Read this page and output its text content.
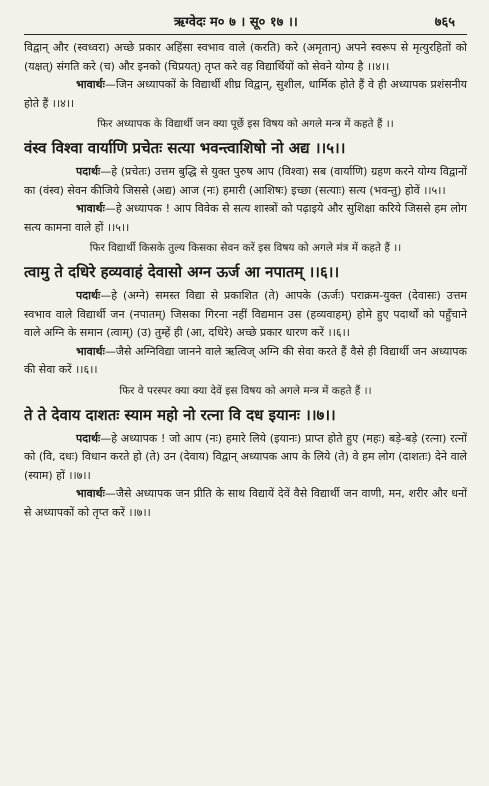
ऋग्वेदः म० ७ । सू० १७ ।।	७६५

विद्वान् और (स्वध्वरा) अच्छे प्रकार अहिंसा स्वभाव वाले (करति) करे (अमृतान्) अपने स्वरूप से मृत्युरहितों को (यक्षत्) संगति करे (च) और इनको (चिप्रयत्) तृप्त करे वह विद्यार्थियों को सेवने योग्य है ।।४।।

भावार्थः—जिन अध्यापकों के विद्यार्थी शीघ्र विद्वान्, सुशील, धार्मिक होते हैं वे ही अध्यापक प्रशंसनीय होते हैं ।।४।।

फिर अध्यापक के विद्यार्थी जन क्या पूर्छे इस विषय को अगले मन्त्र में कहते हैं ।।

वंस्व विश्वा वार्याणि प्रचेतः सत्या भवन्त्वाशिषो नो अद्य ।।५।।

पदार्थः—हे (प्रचेतः) उत्तम बुद्धि से युक्त पुरुष आप (विश्वा) सब (वार्याणि) ग्रहण करने योग्य विद्वानों का (वंस्व) सेवन कीजिये जिससे (अद्य) आज (नः) हमारी (आशिषः) इच्छा (सत्याः) सत्य (भवन्तु) होवें ।।५।।

भावार्थः—हे अध्यापक ! आप विवेक से सत्य शास्त्रों को पढ़ाइये और सुशिक्षा करिये जिससे हम लोग सत्य कामना वाले हों ।।५।।

फिर विद्यार्थी किसके तुल्य किसका सेवन करें इस विषय को अगले मंत्र में कहते हैं ।।

त्वामु ते दधिरे हव्यवाहं देवासो अग्न ऊर्ज आ नपातम् ।।६।।

पदार्थः—हे (अग्ने) समस्त विद्या से प्रकाशित (ते) आपके (ऊर्जः) पराक्रम-युक्त (देवासः) उत्तम स्वभाव वाले विद्यार्थी जन (नपातम्) जिसका गिरना नहीं विद्यमान उस (हव्यवाहम्) होमे हुए पदार्थों को पहुँचाने वाले अग्नि के समान (त्वाम्) (उ) तुम्हें ही (आ, दधिरे) अच्छे प्रकार धारण करें ।।६।।

भावार्थः—जैसे अग्निविद्या जानने वाले ऋत्विज् अग्नि की सेवा करते हैं वैसे ही विद्यार्थी जन अध्यापक की सेवा करें ।।६।।

फिर वे परस्पर क्या क्या देवें इस विषय को अगले मन्त्र में कहते हैं ।।

ते ते देवाय दाशतः स्याम महो नो रत्ना वि दध इयानः ।।७।।

पदार्थः—हे अध्यापक ! जो आप (नः) हमारे लिये (इयानः) प्राप्त होते हुए (महः) बड़े-बड़े (रत्ना) रत्नों को (वि, दधः) विधान करते हो (ते) उन (देवाय) विद्वान् अध्यापक आप के लिये (ते) वे हम लोग (दाशतः) देने वाले (स्याम) हों ।।७।।

भावार्थः—जैसे अध्यापक जन प्रीति के साथ विद्यायें देवें वैसे विद्यार्थी जन वाणी, मन, शरीर और धनों से अध्यापकों को तृप्त करें ।।७।।
